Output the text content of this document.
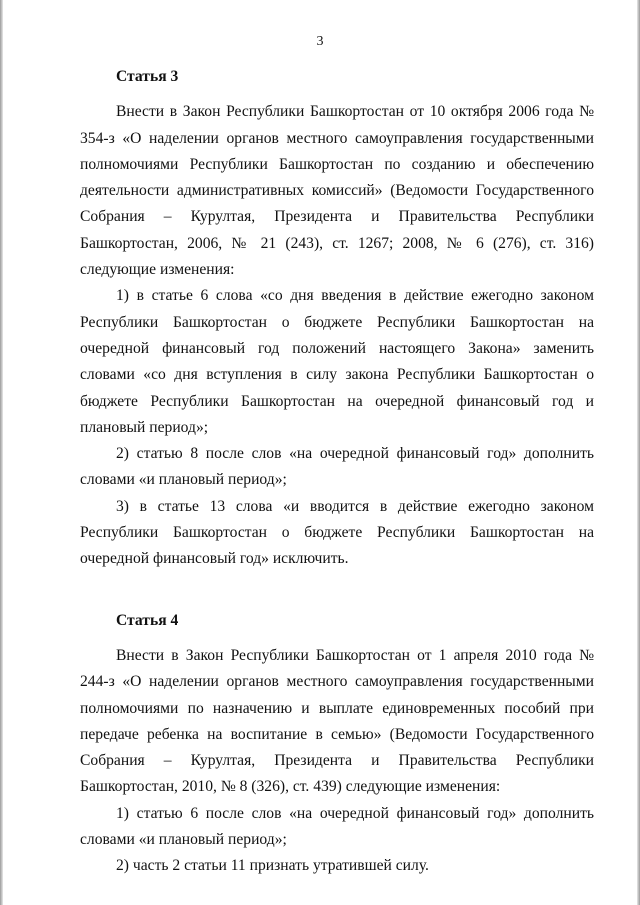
3
Статья 3

Внести в Закон Республики Башкортостан от 10 октября 2006 года № 354-з «О наделении органов местного самоуправления государственными полномочиями Республики Башкортостан по созданию и обеспечению деятельности административных комиссий» (Ведомости Государственного Собрания – Курултая, Президента и Правительства Республики Башкортостан, 2006, № 21 (243), ст. 1267; 2008, № 6 (276), ст. 316) следующие изменения:

1) в статье 6 слова «со дня введения в действие ежегодно законом Республики Башкортостан о бюджете Республики Башкортостан на очередной финансовый год положений настоящего Закона» заменить словами «со дня вступления в силу закона Республики Башкортостан о бюджете Республики Башкортостан на очередной финансовый год и плановый период»;

2) статью 8 после слов «на очередной финансовый год» дополнить словами «и плановый период»;

3) в статье 13 слова «и вводится в действие ежегодно законом Республики Башкортостан о бюджете Республики Башкортостан на очередной финансовый год» исключить.

Статья 4

Внести в Закон Республики Башкортостан от 1 апреля 2010 года № 244-з «О наделении органов местного самоуправления государственными полномочиями по назначению и выплате единовременных пособий при передаче ребенка на воспитание в семью» (Ведомости Государственного Собрания – Курултая, Президента и Правительства Республики Башкортостан, 2010, № 8 (326), ст. 439) следующие изменения:

1) статью 6 после слов «на очередной финансовый год» дополнить словами «и плановый период»;

2) часть 2 статьи 11 признать утратившей силу.
